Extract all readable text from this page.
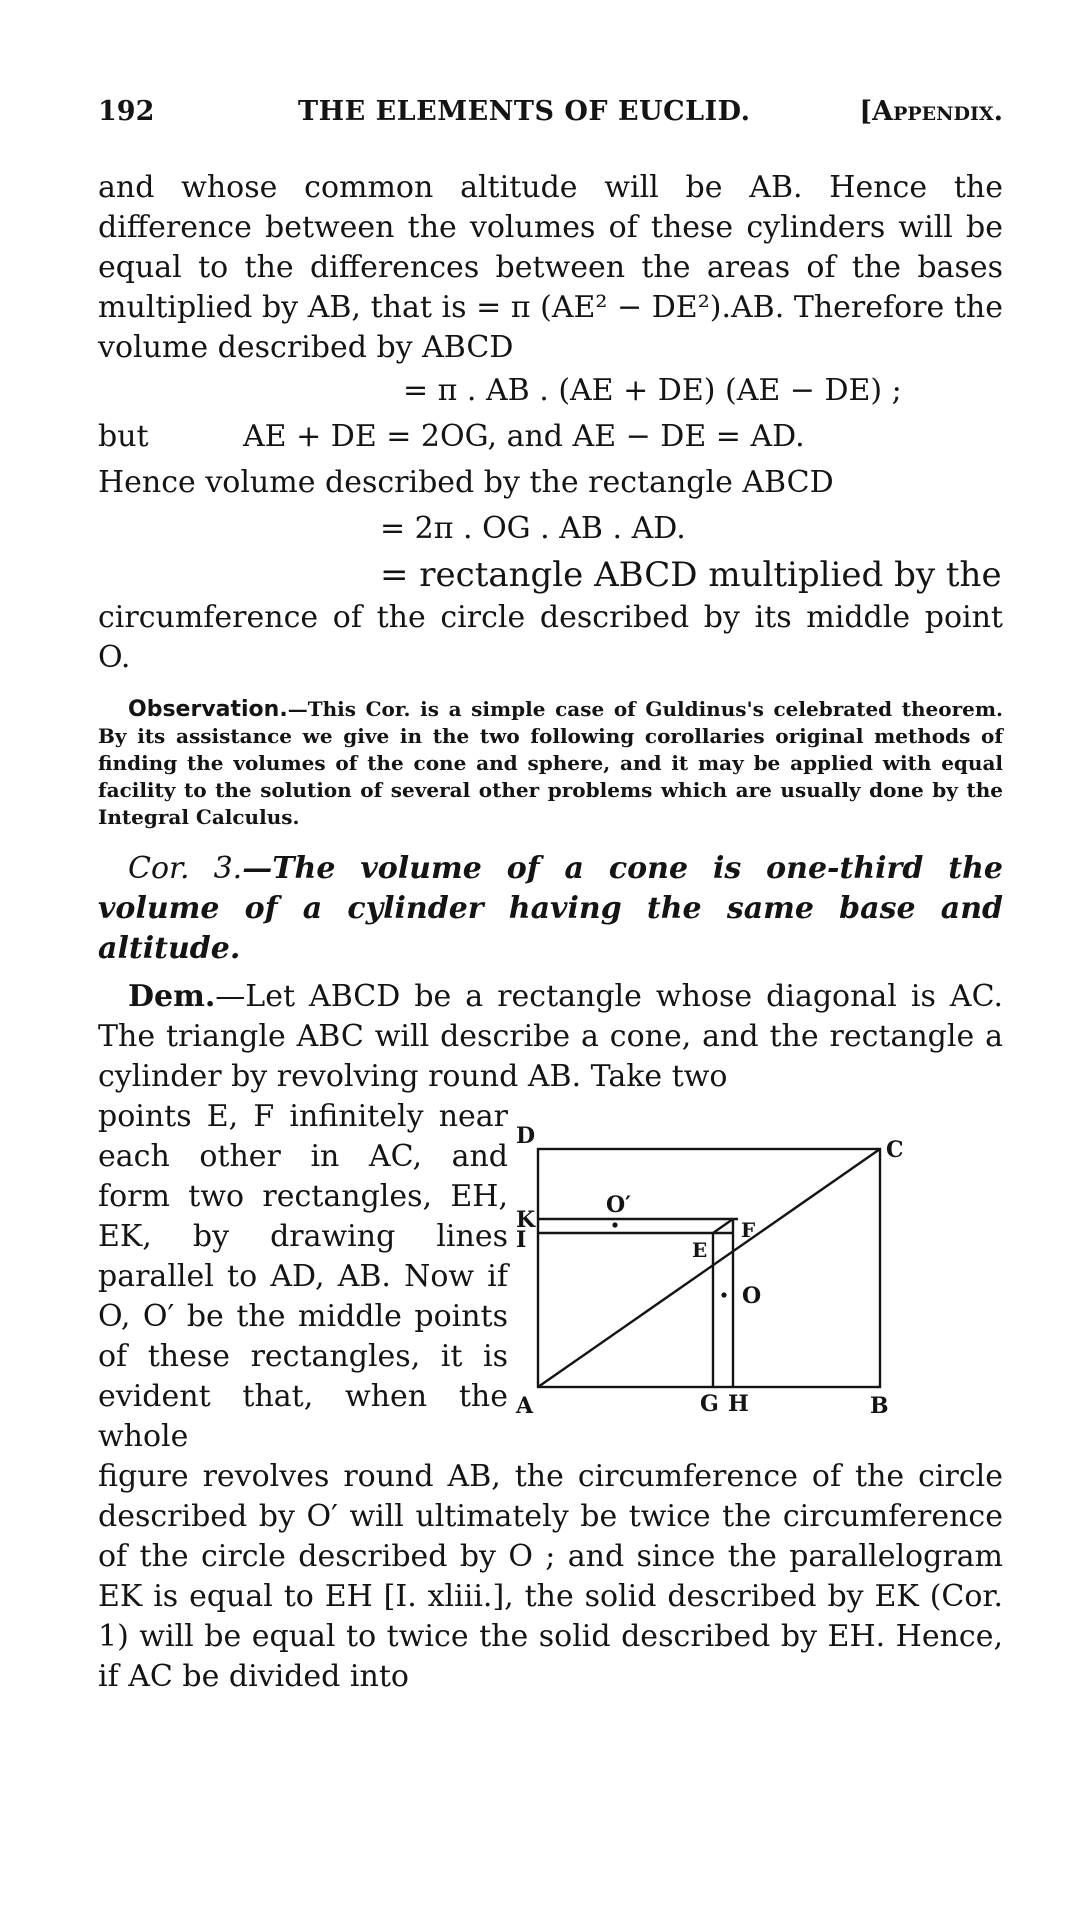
192	THE ELEMENTS OF EUCLID.	[Appendix.

and whose common altitude will be AB. Hence the difference between the volumes of these cylinders will be equal to the differences between the areas of the bases multiplied by AB, that is = π (AE² − DE²).AB. Therefore the volume described by ABCD

= π . AB . (AE + DE) (AE − DE) ;

but	AE + DE = 2OG, and AE − DE = AD.

Hence volume described by the rectangle ABCD

= 2π . OG . AB . AD.

= rectangle ABCD multiplied by the

circumference of the circle described by its middle point O.

Observation.—This Cor. is a simple case of Guldinus's celebrated theorem. By its assistance we give in the two following corollaries original methods of finding the volumes of the cone and sphere, and it may be applied with equal facility to the solution of several other problems which are usually done by the Integral Calculus.

Cor. 3.—The volume of a cone is one-third the volume of a cylinder having the same base and altitude.

Dem.—Let ABCD be a rectangle whose diagonal is AC. The triangle ABC will describe a cone, and the rectangle a cylinder by revolving round AB. Take two

points E, F infinitely near each other in AC, and form two rectangles, EH, EK, by drawing lines parallel to AD, AB. Now if O, O′ be the middle points of these rectangles, it is evident that, when the whole

D
C
K
I
O′
F
E
O
A	G H	B

figure revolves round AB, the circumference of the circle described by O′ will ultimately be twice the circumference of the circle described by O ; and since the parallelogram EK is equal to EH [I. xliii.], the solid described by EK (Cor. 1) will be equal to twice the solid described by EH. Hence, if AC be divided into
